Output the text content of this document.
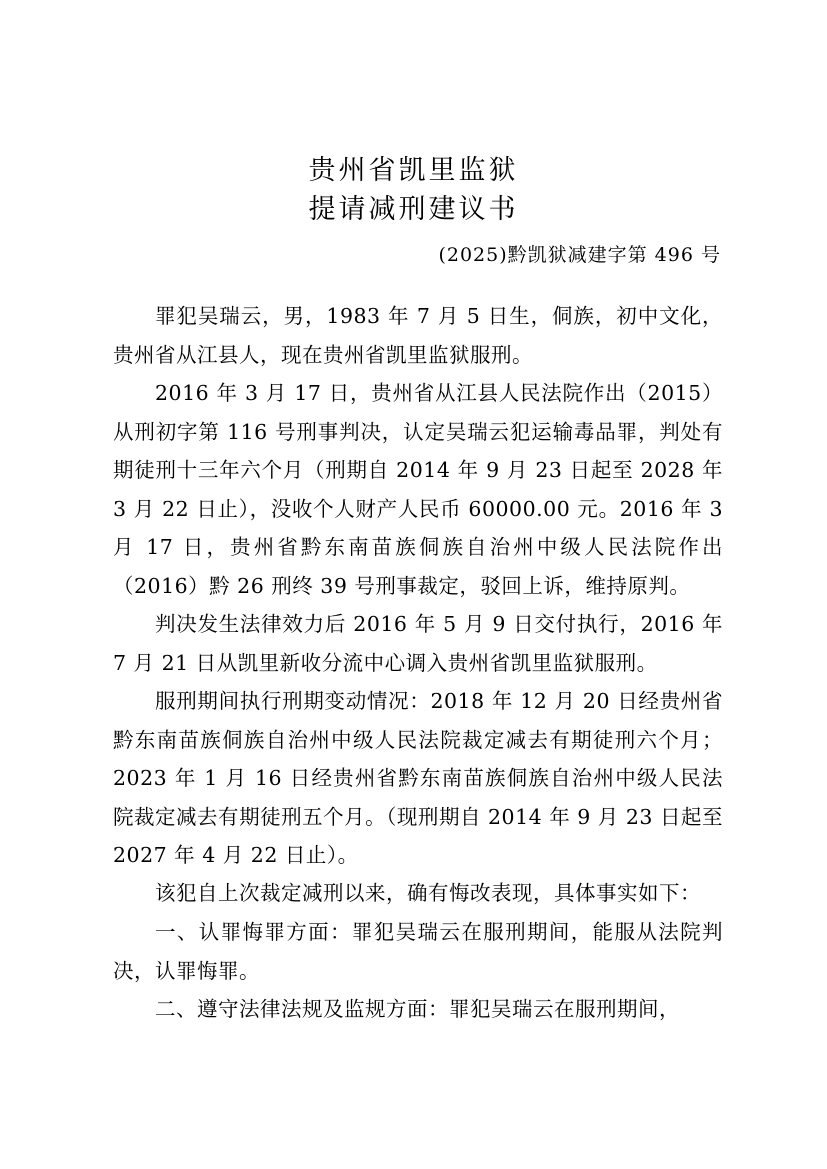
贵州省凯里监狱
提请减刑建议书
(2025)黔凯狱减建字第 496 号

罪犯吴瑞云，男，1983 年 7 月 5 日生，侗族，初中文化，贵州省从江县人，现在贵州省凯里监狱服刑。

2016 年 3 月 17 日，贵州省从江县人民法院作出（2015）从刑初字第 116 号刑事判决，认定吴瑞云犯运输毒品罪，判处有期徒刑十三年六个月（刑期自 2014 年 9 月 23 日起至 2028 年 3 月 22 日止），没收个人财产人民币 60000.00 元。2016 年 3 月 17 日，贵州省黔东南苗族侗族自治州中级人民法院作出（2016）黔 26 刑终 39 号刑事裁定，驳回上诉，维持原判。

判决发生法律效力后 2016 年 5 月 9 日交付执行，2016 年 7 月 21 日从凯里新收分流中心调入贵州省凯里监狱服刑。

服刑期间执行刑期变动情况：2018 年 12 月 20 日经贵州省黔东南苗族侗族自治州中级人民法院裁定减去有期徒刑六个月；2023 年 1 月 16 日经贵州省黔东南苗族侗族自治州中级人民法院裁定减去有期徒刑五个月。（现刑期自 2014 年 9 月 23 日起至 2027 年 4 月 22 日止）。

该犯自上次裁定减刑以来，确有悔改表现，具体事实如下：

一、认罪悔罪方面：罪犯吴瑞云在服刑期间，能服从法院判决，认罪悔罪。

二、遵守法律法规及监规方面：罪犯吴瑞云在服刑期间，
